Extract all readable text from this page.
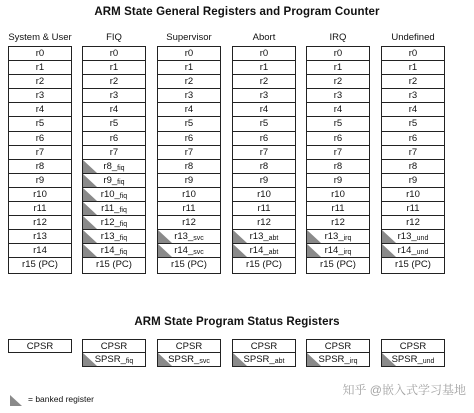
ARM State General Registers and Program Counter
System & User
r0
r1
r2
r3
r4
r5
r6
r7
r8
r9
r10
r11
r12
r13
r14
r15 (PC)
FIQ
r0
r1
r2
r3
r4
r5
r6
r7
$r8\__{fiq}$
$r9\__{fiq}$
$r10\__{fiq}$
$r11\__{fiq}$
$r12\__{fiq}$
$r13\__{fiq}$
$r14\__{fiq}$
r15 (PC)
Supervisor
r0
r1
r2
r3
r4
r5
r6
r7
r8
r9
r10
r11
r12
$r13\__{svc}$
$r14\__{svc}$
r15 (PC)
Abort
r0
r1
r2
r3
r4
r5
r6
r7
r8
r9
r10
r11
r12
$r13\__{abt}$
$r14\__{abt}$
r15 (PC)
IRQ
r0
r1
r2
r3
r4
r5
r6
r7
r8
r9
r10
r11
r12
$r13\__{irq}$
$r14\__{irq}$
r15 (PC)
Undefined
r0
r1
r2
r3
r4
r5
r6
r7
r8
r9
r10
r11
r12
$r13\__{und}$
$r14\__{und}$
r15 (PC)
ARM State Program Status Registers
CPSR	CPSR
$SPSR\__{fiq}$
CPSR
$SPSR\__{svc}$
CPSR
$SPSR\__{abt}$
CPSR
$SPSR\__{irq}$
CPSR
$SPSR\__{und}$
= banked register
知乎 @嵌入式学习基地
